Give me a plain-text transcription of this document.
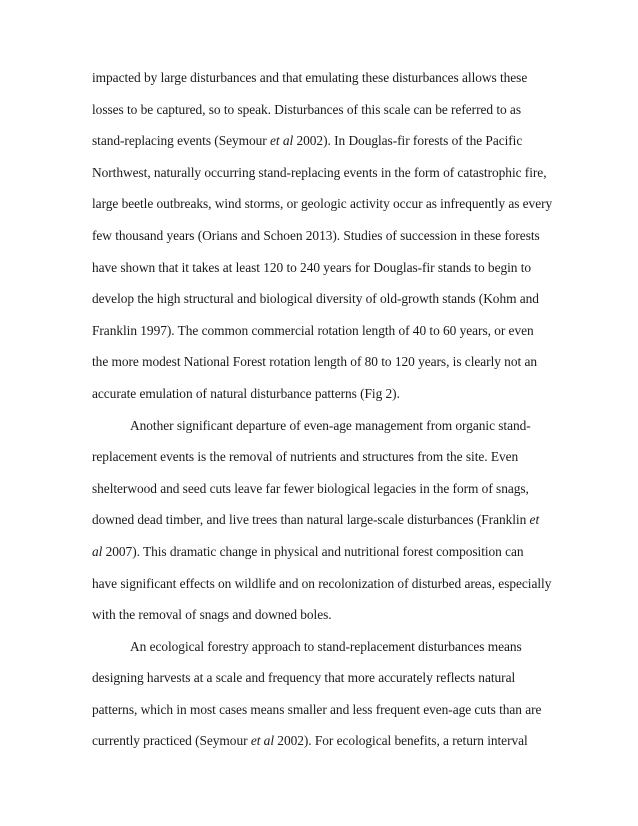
impacted by large disturbances and that emulating these disturbances allows these
losses to be captured, so to speak. Disturbances of this scale can be referred to as
stand-replacing events (Seymour et al 2002). In Douglas-fir forests of the Pacific
Northwest, naturally occurring stand-replacing events in the form of catastrophic fire,
large beetle outbreaks, wind storms, or geologic activity occur as infrequently as every
few thousand years (Orians and Schoen 2013). Studies of succession in these forests
have shown that it takes at least 120 to 240 years for Douglas-fir stands to begin to
develop the high structural and biological diversity of old-growth stands (Kohm and
Franklin 1997). The common commercial rotation length of 40 to 60 years, or even
the more modest National Forest rotation length of 80 to 120 years, is clearly not an
accurate emulation of natural disturbance patterns (Fig 2).
Another significant departure of even-age management from organic stand-
replacement events is the removal of nutrients and structures from the site. Even
shelterwood and seed cuts leave far fewer biological legacies in the form of snags,
downed dead timber, and live trees than natural large-scale disturbances (Franklin et
al 2007). This dramatic change in physical and nutritional forest composition can
have significant effects on wildlife and on recolonization of disturbed areas, especially
with the removal of snags and downed boles.
An ecological forestry approach to stand-replacement disturbances means
designing harvests at a scale and frequency that more accurately reflects natural
patterns, which in most cases means smaller and less frequent even-age cuts than are
currently practiced (Seymour et al 2002). For ecological benefits, a return interval
